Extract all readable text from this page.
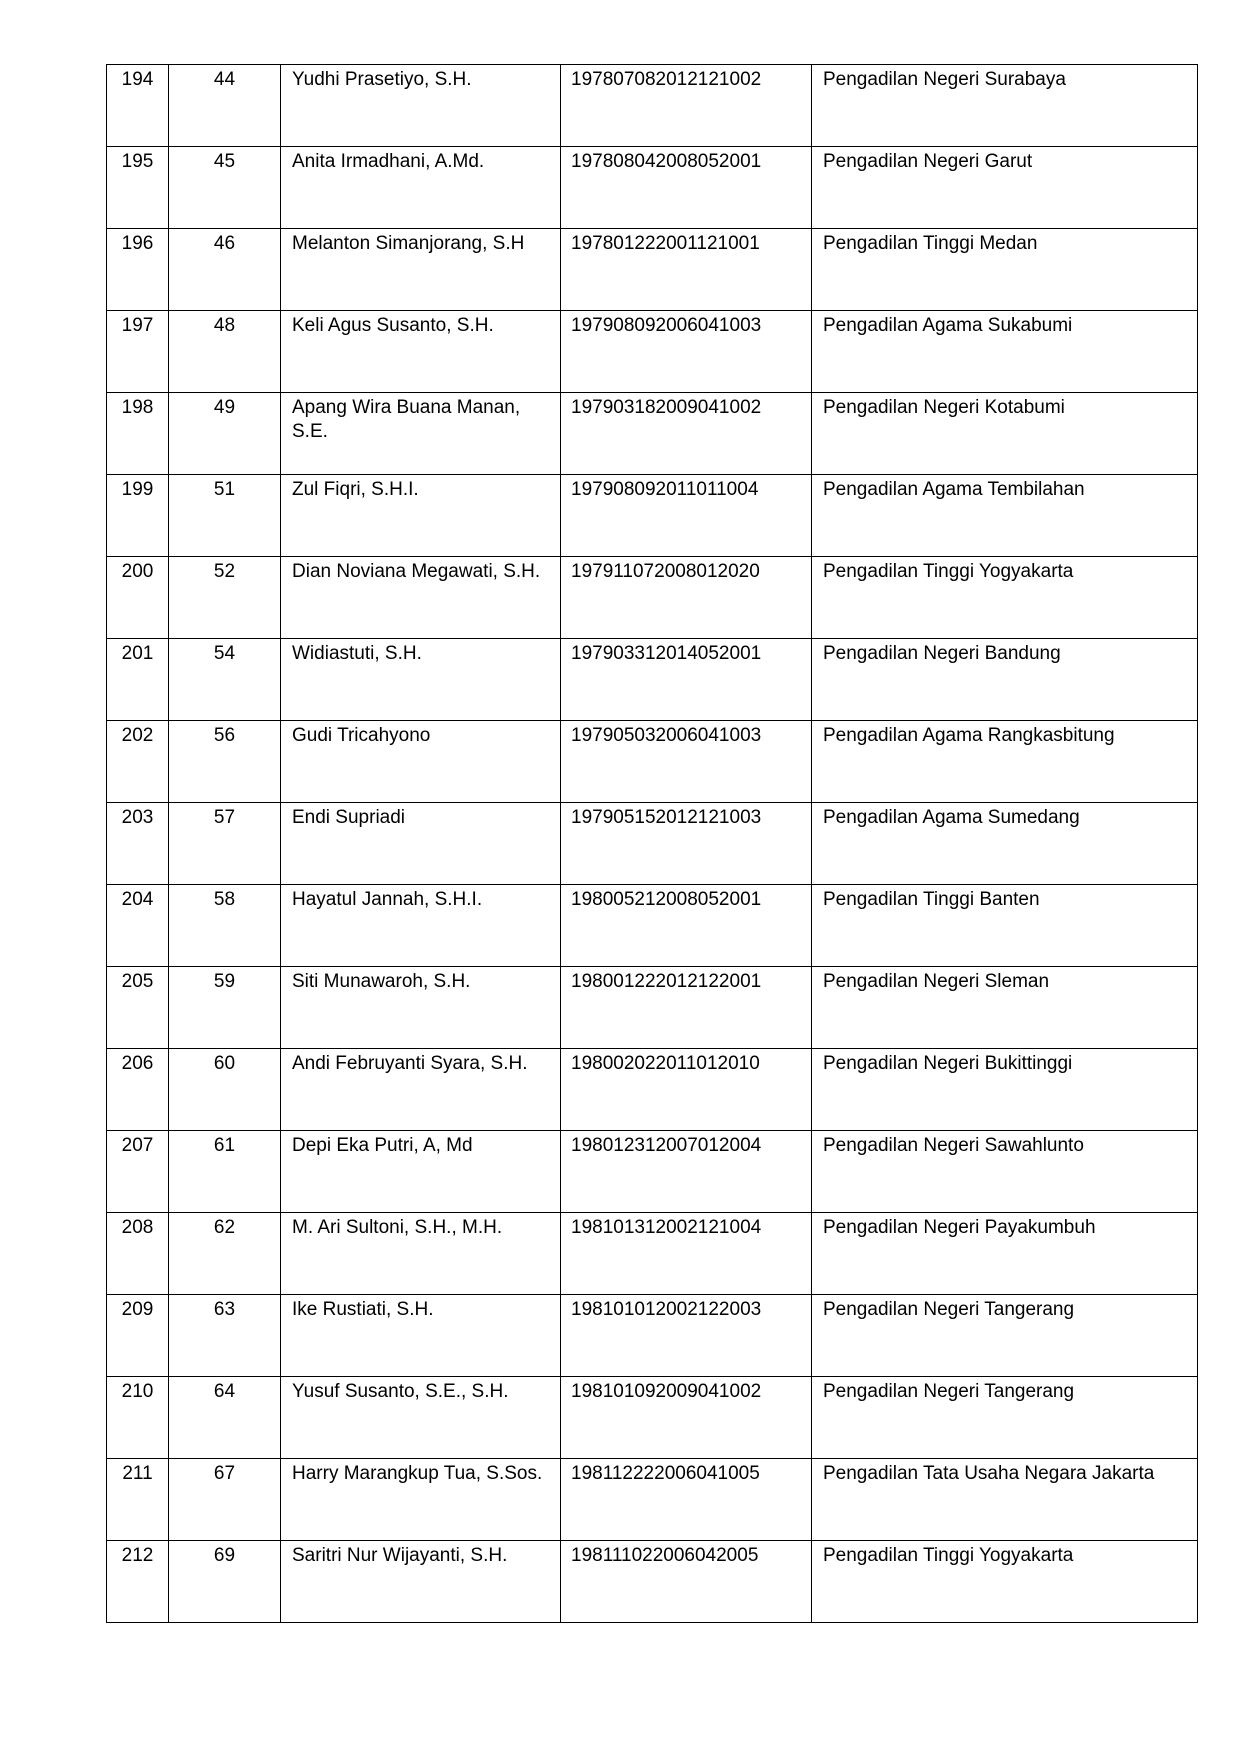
194	44	Yudhi Prasetiyo, S.H.	197807082012121002	Pengadilan Negeri Surabaya
195	45	Anita Irmadhani, A.Md.	197808042008052001	Pengadilan Negeri Garut
196	46	Melanton Simanjorang, S.H	197801222001121001	Pengadilan Tinggi Medan
197	48	Keli Agus Susanto, S.H.	197908092006041003	Pengadilan Agama Sukabumi
198	49	Apang Wira Buana Manan, S.E.	197903182009041002	Pengadilan Negeri Kotabumi
199	51	Zul Fiqri, S.H.I.	197908092011011004	Pengadilan Agama Tembilahan
200	52	Dian Noviana Megawati, S.H.	197911072008012020	Pengadilan Tinggi Yogyakarta
201	54	Widiastuti, S.H.	197903312014052001	Pengadilan Negeri Bandung
202	56	Gudi Tricahyono	197905032006041003	Pengadilan Agama Rangkasbitung
203	57	Endi Supriadi	197905152012121003	Pengadilan Agama Sumedang
204	58	Hayatul Jannah, S.H.I.	198005212008052001	Pengadilan Tinggi Banten
205	59	Siti Munawaroh, S.H.	198001222012122001	Pengadilan Negeri Sleman
206	60	Andi Februyanti Syara, S.H.	198002022011012010	Pengadilan Negeri Bukittinggi
207	61	Depi Eka Putri, A, Md	198012312007012004	Pengadilan Negeri Sawahlunto
208	62	M. Ari Sultoni, S.H., M.H.	198101312002121004	Pengadilan Negeri Payakumbuh
209	63	Ike Rustiati, S.H.	198101012002122003	Pengadilan Negeri Tangerang
210	64	Yusuf Susanto, S.E., S.H.	198101092009041002	Pengadilan Negeri Tangerang
211	67	Harry Marangkup Tua, S.Sos.	198112222006041005	Pengadilan Tata Usaha Negara Jakarta
212	69	Saritri Nur Wijayanti, S.H.	198111022006042005	Pengadilan Tinggi Yogyakarta
